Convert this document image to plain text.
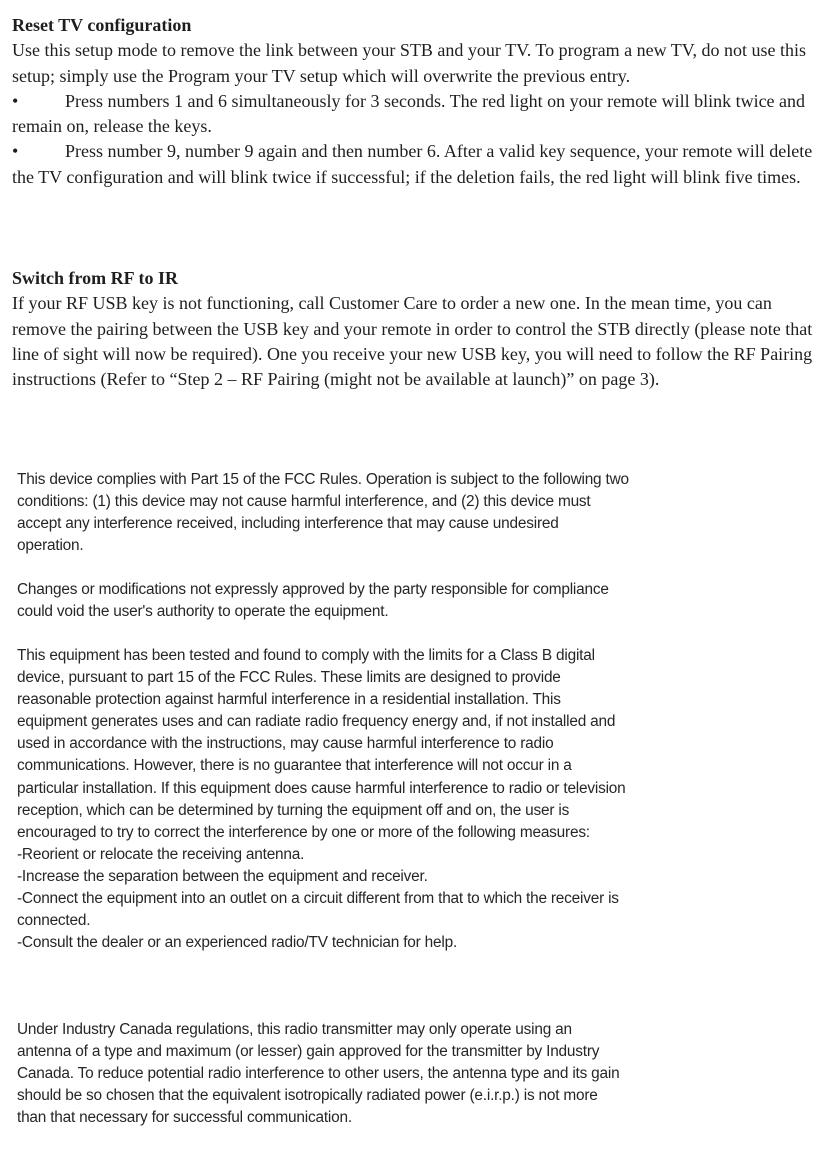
Reset TV configuration

Use this setup mode to remove the link between your STB and your TV. To program a new TV, do not use this setup; simply use the Program your TV setup which will overwrite the previous entry.

•	Press numbers 1 and 6 simultaneously for 3 seconds. The red light on your remote will blink twice and remain on, release the keys.

•	Press number 9, number 9 again and then number 6. After a valid key sequence, your remote will delete the TV configuration and will blink twice if successful; if the deletion fails, the red light will blink five times.

Switch from RF to IR

If your RF USB key is not functioning, call Customer Care to order a new one. In the mean time, you can remove the pairing between the USB key and your remote in order to control the STB directly (please note that line of sight will now be required). One you receive your new USB key, you will need to follow the RF Pairing instructions (Refer to “Step 2 – RF Pairing (might not be available at launch)” on page 3).

This device complies with Part 15 of the FCC Rules. Operation is subject to the following two conditions: (1) this device may not cause harmful interference, and (2) this device must accept any interference received, including interference that may cause undesired operation.

Changes or modifications not expressly approved by the party responsible for compliance could void the user's authority to operate the equipment.

This equipment has been tested and found to comply with the limits for a Class B digital device, pursuant to part 15 of the FCC Rules. These limits are designed to provide reasonable protection against harmful interference in a residential installation. This equipment generates uses and can radiate radio frequency energy and, if not installed and used in accordance with the instructions, may cause harmful interference to radio communications. However, there is no guarantee that interference will not occur in a particular installation. If this equipment does cause harmful interference to radio or television reception, which can be determined by turning the equipment off and on, the user is encouraged to try to correct the interference by one or more of the following measures:

-Reorient or relocate the receiving antenna.
-Increase the separation between the equipment and receiver.
-Connect the equipment into an outlet on a circuit different from that to which the receiver is connected.
-Consult the dealer or an experienced radio/TV technician for help.

Under Industry Canada regulations, this radio transmitter may only operate using an antenna of a type and maximum (or lesser) gain approved for the transmitter by Industry Canada. To reduce potential radio interference to other users, the antenna type and its gain should be so chosen that the equivalent isotropically radiated power (e.i.r.p.) is not more than that necessary for successful communication.
